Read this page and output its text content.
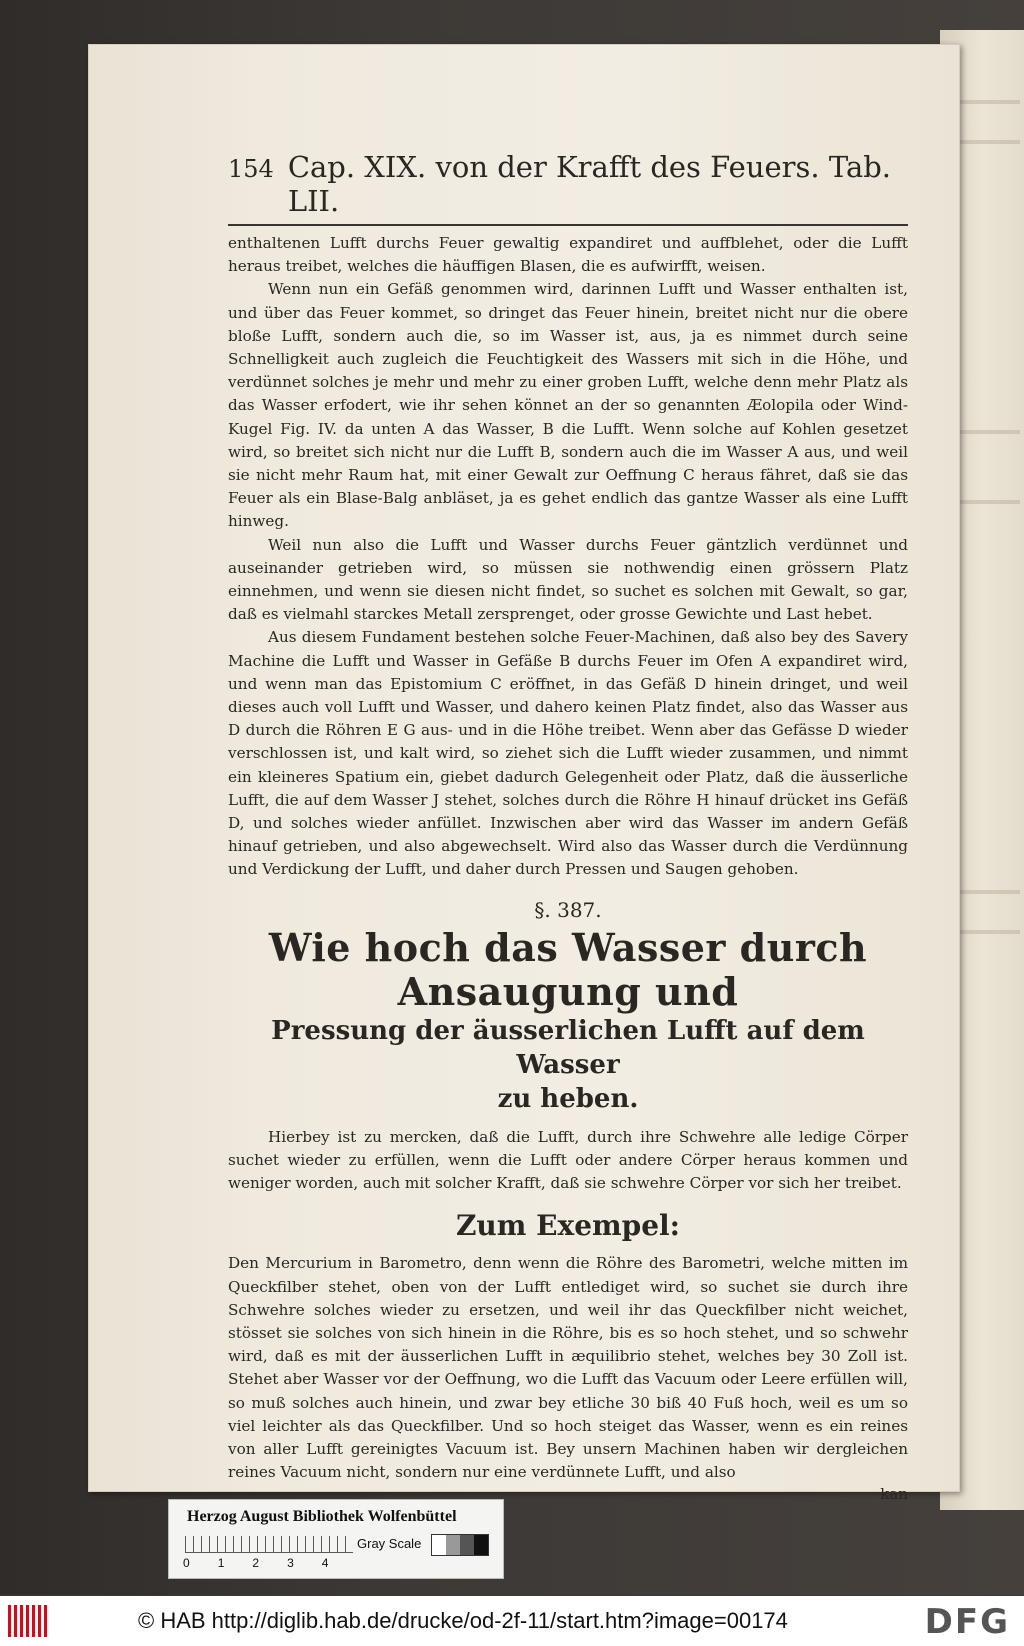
154 Cap. XIX. von der Krafft des Feuers. Tab. LII.

enthaltenen Lufft durchs Feuer gewaltig expandiret und auffblehet, oder die Lufft heraus treibet, welches die häuffigen Blasen, die es aufwirfft, weisen.

Wenn nun ein Gefäß genommen wird, darinnen Lufft und Wasser enthalten ist, und über das Feuer kommet, so dringet das Feuer hinein, breitet nicht nur die obere bloße Lufft, sondern auch die, so im Wasser ist, aus, ja es nimmet durch seine Schnelligkeit auch zugleich die Feuchtigkeit des Wassers mit sich in die Höhe, und verdünnet solches je mehr und mehr zu einer groben Lufft, welche denn mehr Platz als das Wasser erfodert, wie ihr sehen könnet an der so genannten Æolopila oder Wind-Kugel Fig. IV. da unten A das Wasser, B die Lufft. Wenn solche auf Kohlen gesetzet wird, so breitet sich nicht nur die Lufft B, sondern auch die im Wasser A aus, und weil sie nicht mehr Raum hat, mit einer Gewalt zur Oeffnung C heraus fähret, daß sie das Feuer als ein Blase-Balg anbläset, ja es gehet endlich das gantze Wasser als eine Lufft hinweg.

Weil nun also die Lufft und Wasser durchs Feuer gäntzlich verdünnet und auseinander getrieben wird, so müssen sie nothwendig einen grössern Platz einnehmen, und wenn sie diesen nicht findet, so suchet es solchen mit Gewalt, so gar, daß es vielmahl starckes Metall zersprenget, oder grosse Gewichte und Last hebet.

Aus diesem Fundament bestehen solche Feuer-Machinen, daß also bey des Savery Machine die Lufft und Wasser in Gefäße B durchs Feuer im Ofen A expandiret wird, und wenn man das Epistomium C eröffnet, in das Gefäß D hinein dringet, und weil dieses auch voll Lufft und Wasser, und dahero keinen Platz findet, also das Wasser aus D durch die Röhren E G aus- und in die Höhe treibet. Wenn aber das Gefässe D wieder verschlossen ist, und kalt wird, so ziehet sich die Lufft wieder zusammen, und nimmt ein kleineres Spatium ein, giebet dadurch Gelegenheit oder Platz, daß die äusserliche Lufft, die auf dem Wasser J stehet, solches durch die Röhre H hinauf drücket ins Gefäß D, und solches wieder anfüllet. Inzwischen aber wird das Wasser im andern Gefäß hinauf getrieben, und also abgewechselt. Wird also das Wasser durch die Verdünnung und Verdickung der Lufft, und daher durch Pressen und Saugen gehoben.

§. 387.

Wie hoch das Wasser durch Ansaugung und

Pressung der äusserlichen Lufft auf dem Wasser

zu heben.

Hierbey ist zu mercken, daß die Lufft, durch ihre Schwehre alle ledige Cörper suchet wieder zu erfüllen, wenn die Lufft oder andere Cörper heraus kommen und weniger worden, auch mit solcher Krafft, daß sie schwehre Cörper vor sich her treibet.

Zum Exempel:

Den Mercurium in Barometro, denn wenn die Röhre des Barometri, welche mitten im Queckfilber stehet, oben von der Lufft entlediget wird, so suchet sie durch ihre Schwehre solches wieder zu ersetzen, und weil ihr das Queckfilber nicht weichet, stösset sie solches von sich hinein in die Röhre, bis es so hoch stehet, und so schwehr wird, daß es mit der äusserlichen Lufft in æquilibrio stehet, welches bey 30 Zoll ist. Stehet aber Wasser vor der Oeffnung, wo die Lufft das Vacuum oder Leere erfüllen will, so muß solches auch hinein, und zwar bey etliche 30 biß 40 Fuß hoch, weil es um so viel leichter als das Queckfilber. Und so hoch steiget das Wasser, wenn es ein reines von aller Lufft gereinigtes Vacuum ist. Bey unsern Machinen haben wir dergleichen reines Vacuum nicht, sondern nur eine verdünnete Lufft, und also

kan
Herzog August Bibliothek Wolfenbüttel
0 1 2 3 4
Gray Scale
© HAB http://diglib.hab.de/drucke/od-2f-11/start.htm?image=00174	DFG
